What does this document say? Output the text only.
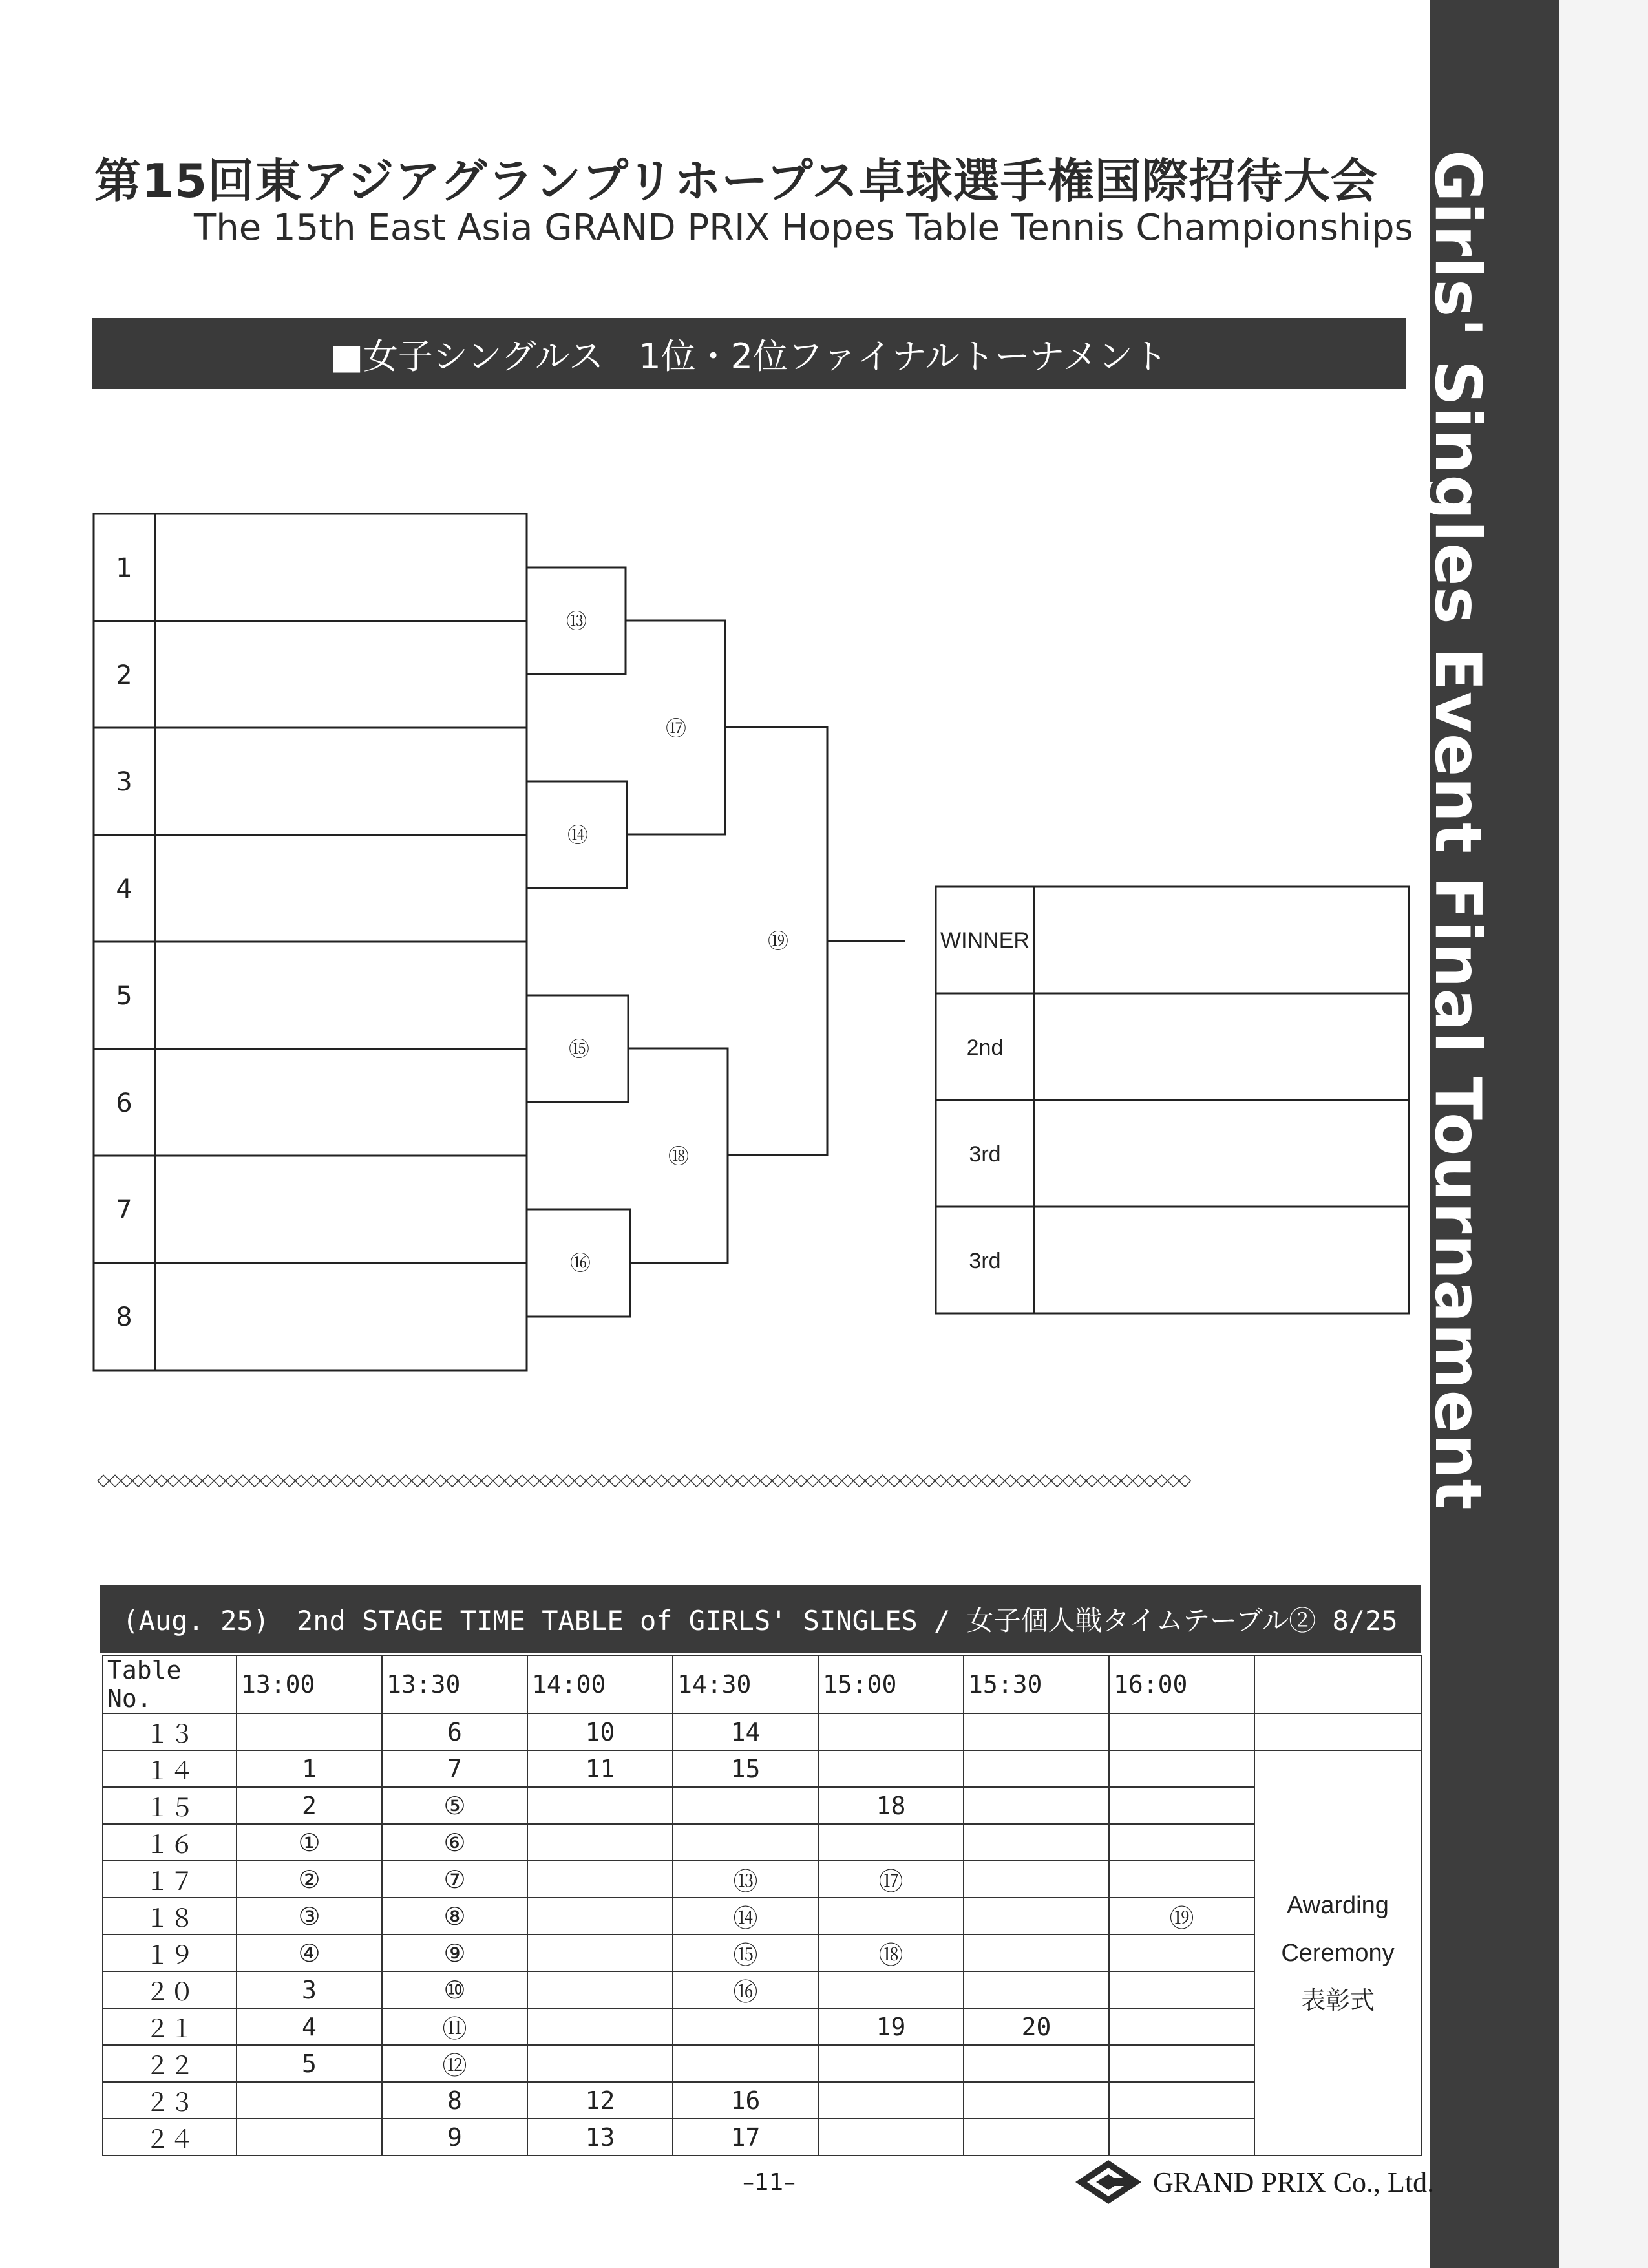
Girls' Singles Event Final Tournament
第15回東アジアグランプリホープス卓球選手権国際招待大会
The 15th East Asia GRAND PRIX Hopes Table Tennis Championships
■女子シングルス　1位・2位ファイナルトーナメント
1
2
3
4
5
6
7
8
⑬
⑭
⑮
⑯
⑰
⑱
⑲	WINNER
2nd
3rd
3rd
◇◇◇◇◇◇◇◇◇◇◇◇◇◇◇◇◇◇◇◇◇◇◇◇◇◇◇◇◇◇◇◇◇◇◇◇◇◇◇◇◇◇◇◇◇◇◇◇◇◇◇◇◇◇◇◇◇◇◇◇◇◇◇◇◇◇◇◇◇◇◇◇◇◇◇◇◇◇◇◇◇◇◇◇◇◇◇◇◇◇◇◇◇◇
(Aug. 25)　2nd STAGE TIME TABLE of GIRLS' SINGLES / 女子個人戦タイムテーブル② 8/25
Table No.	13:00	13:30	14:00	14:30	15:00	15:30	16:00	
１３		6	10	14				
１４	1	7	11	15				Awarding
Ceremony
表彰式

１５	2	⑤			18			
１６	①	⑥						
１７	②	⑦		⑬	⑰			
１８	③	⑧		⑭			⑲	
１９	④	⑨		⑮	⑱			
２０	3	⑩		⑯				
２１	4	⑪			19	20		
２２	5	⑫						
２３		8	12	16				
２４		9	13	17				
–11–	GRAND PRIX Co., Ltd.
